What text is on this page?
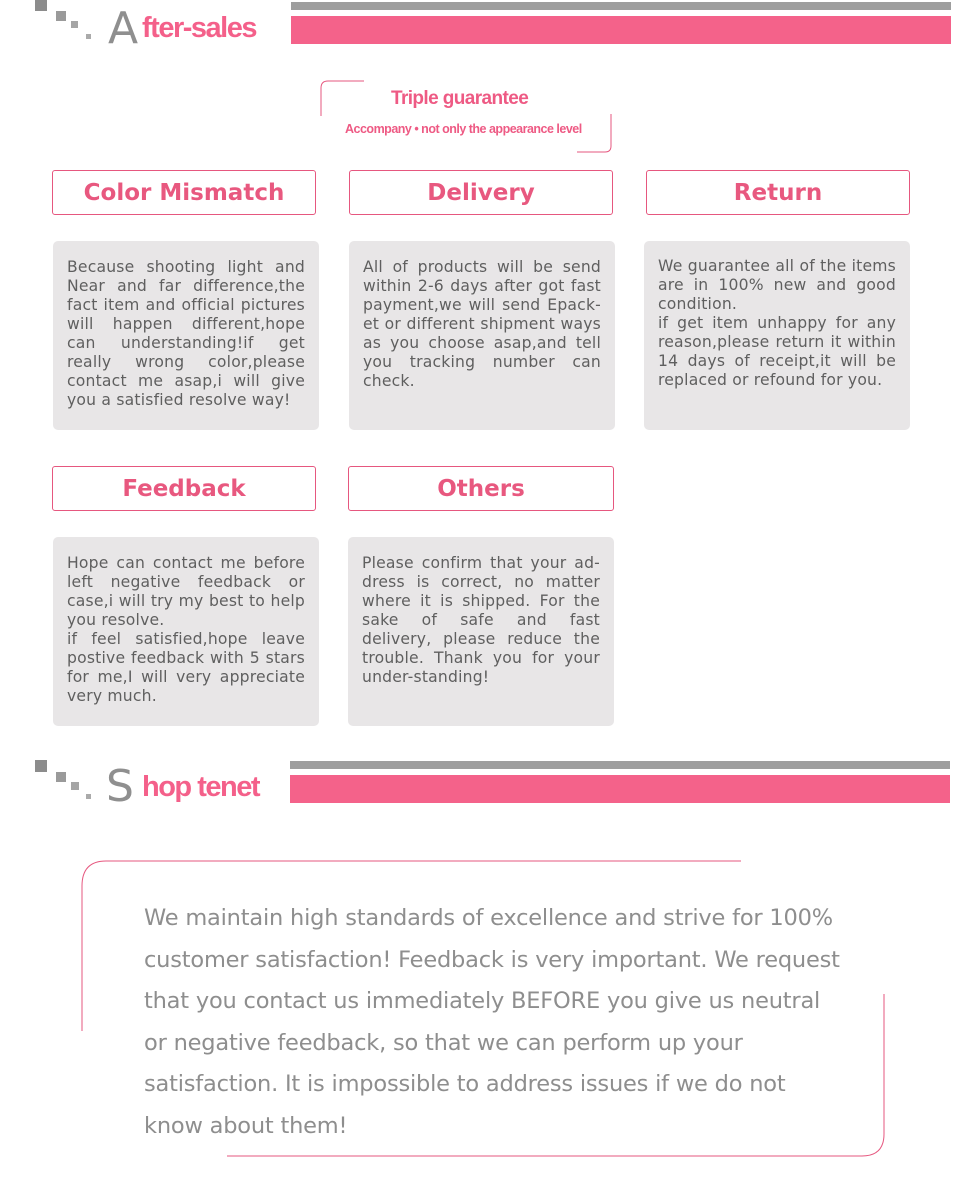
A fter-sales
Triple guarantee
Accompany • not only the appearance level
Color Mismatch	Delivery	Return
Because shooting light and Near and far difference,the fact item and official pictures will happen different,hope can understanding!if get really wrong color,please contact me asap,i will give you a satisfied resolve way!
All of products will be send within 2-6 days after got fast payment,we will send Epack-et or different shipment ways as you choose asap,and tell you tracking number can check.
We guarantee all of the items are in 100% new and good condition.
if get item unhappy for any reason,please return it within 14 days of receipt,it will be replaced or refound for you.
Feedback	Others
Hope can contact me before left negative feedback or case,i will try my best to help you resolve.
if feel satisfied,hope leave postive feedback with 5 stars for me,I will very appreciate very much.
Please confirm that your ad-dress is correct, no matter where it is shipped. For the sake of safe and fast delivery, please reduce the trouble. Thank you for your under-standing!
S hop tenet
We maintain high standards of excellence and strive for 100% customer satisfaction! Feedback is very important. We request that you contact us immediately BEFORE you give us neutral or negative feedback, so that we can perform up your satisfaction. It is impossible to address issues if we do not know about them!
